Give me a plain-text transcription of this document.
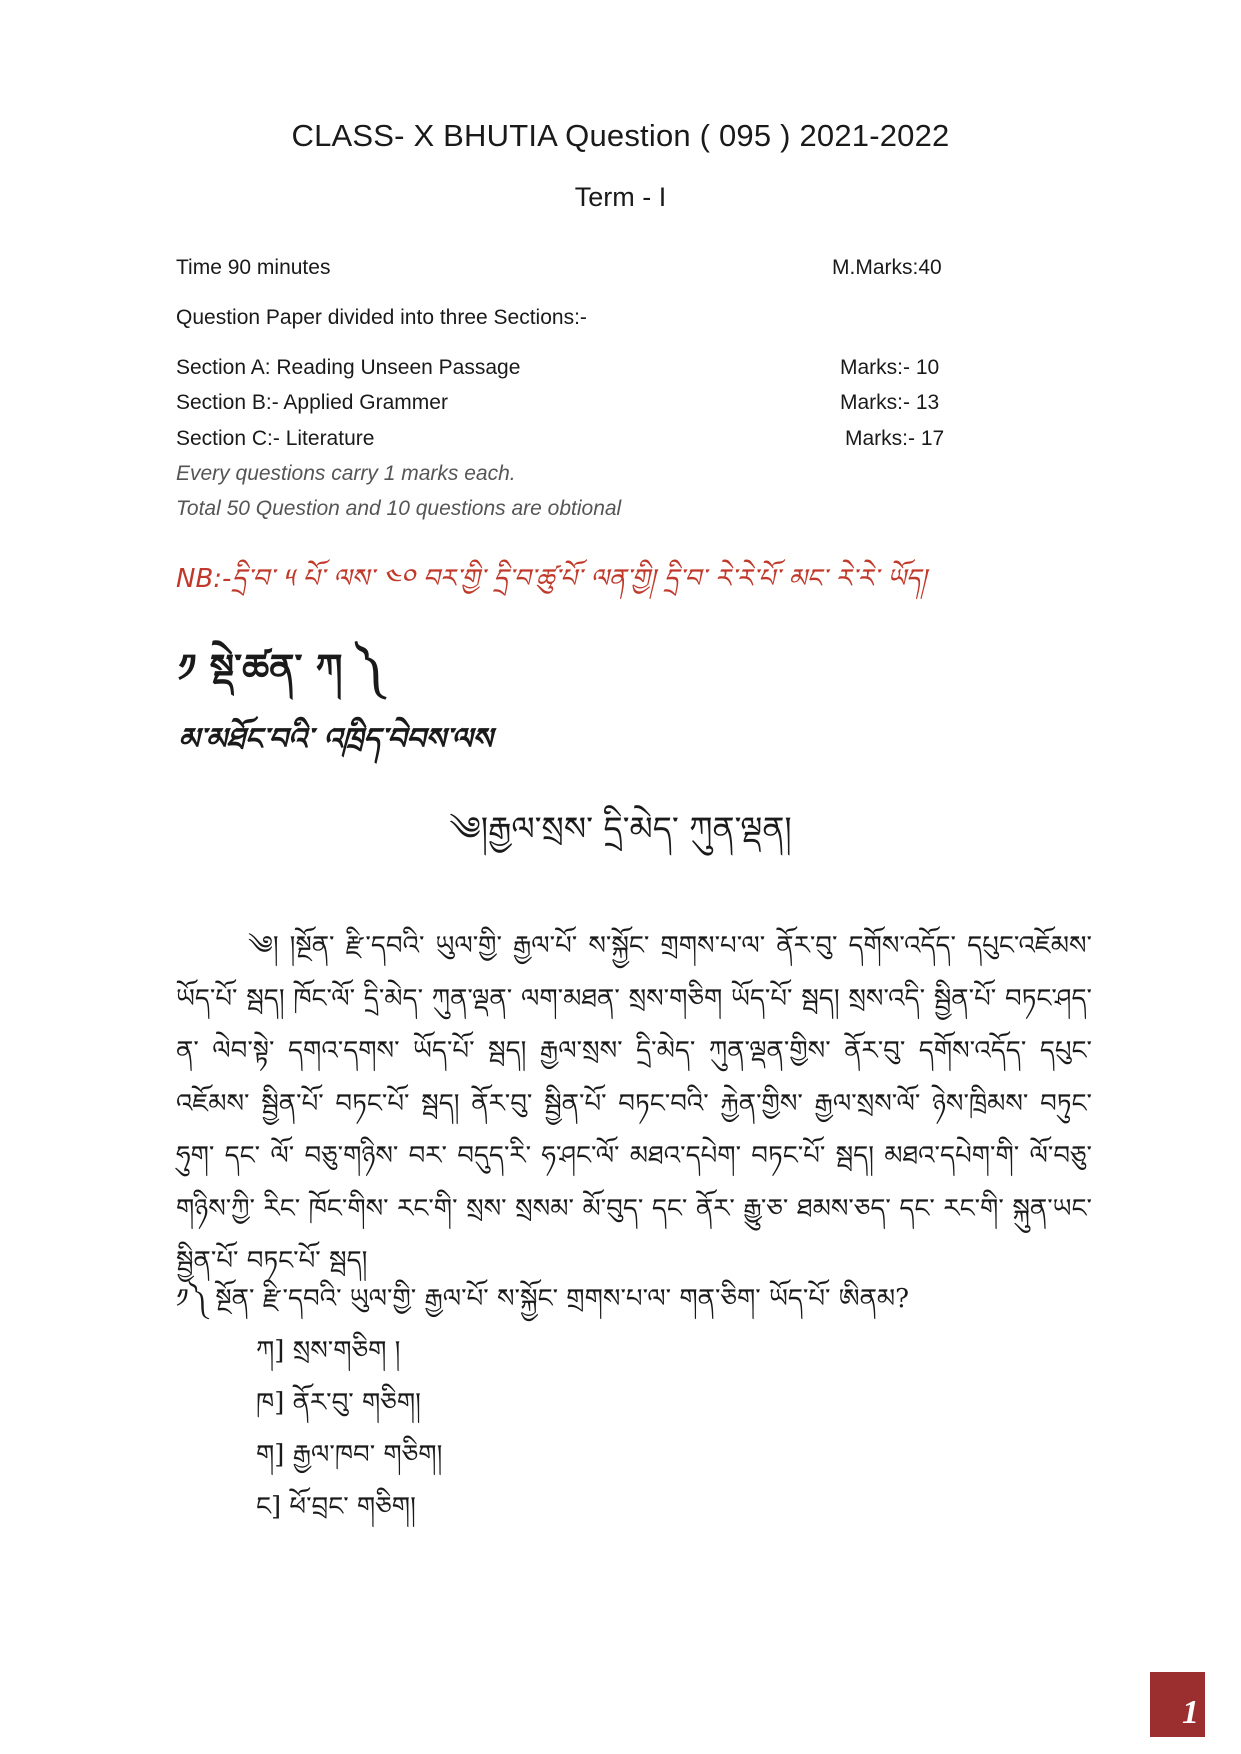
CLASS- X BHUTIA Question ( 095 ) 2021-2022
Term - I
Time 90 minutes	M.Marks:40
Question Paper divided into three Sections:-
Section A: Reading Unseen Passage	Marks:- 10
Section B:- Applied Grammer	Marks:- 13
Section C:- Literature	Marks:- 17
Every questions carry 1 marks each.
Total 50 Question and 10 questions are obtional
NB:-དྲི་བ་ ༥ པོ་ ལས་ ༤༠ བར་གྱི་ དྲི་བ་ཚུ་པོ་ ལན་གྱི། དྲི་བ་ རེ་རེ་པོ་ མང་ རེ་རེ་ ཡོད།
༡ སྡེ་ཚན་ ཀ ༽
མ་མཐོང་བའི་ འཁྲིད་བེབས་ལས
༄།རྒྱལ་སྲས་ དྲི་མེད་ ཀུན་ལྡན།
༄། །སྔོན་ རྫི་དབའི་ ཡུལ་གྱི་ རྒྱལ་པོ་ ས་སྐྱོང་ གྲགས་པ་ལ་ ནོར་བུ་ དགོས་འདོད་ དཔུང་འཇོམས་ ཡོད་པོ་ སྦད། ཁོང་ལོ་ དྲི་མེད་ ཀུན་ལྡན་ ལག་མཐན་ སྲས་གཅིག ཡོད་པོ་ སྦད། སྲས་འདི་ སྦྱིན་པོ་ བཏང་ཤད་ན་ ལེབ་སྟེ་ དགའ་དགས་ ཡོད་པོ་ སྦད། རྒྱལ་སྲས་ དྲི་མེད་ ཀུན་ལྡན་གྱིས་ ནོར་བུ་ དགོས་འདོད་ དཔུང་འཇོམས་ སྦྱིན་པོ་ བཏང་པོ་ སྦད། ནོར་བུ་ སྦྱིན་པོ་ བཏང་བའི་ རྐྱེན་གྱིས་ རྒྱལ་སྲས་ལོ་ ཉེས་ཁྲིམས་ བཏུང་ཧུག་ དང་ ལོ་ བཅུ་གཉིས་ བར་ བདུད་རི་ ཧ་ཤང་ལོ་ མཐའ་དཔེག་ བཏང་པོ་ སྦད། མཐའ་དཔེག་གི་ ལོ་བཅུ་གཉིས་ཀྱི་ རིང་ ཁོང་གིས་ རང་གི་ སྲས་ སྲསམ་ མོ་བུད་ དང་ ནོར་ རྒྱུ་ཅ་ ཐམས་ཅད་ དང་ རང་གི་ སྐུན་ཡང་ སྦྱིན་པོ་ བཏང་པོ་ སྦད།
༡༽ སྔོན་ རྫི་དབའི་ ཡུལ་གྱི་ རྒྱལ་པོ་ ས་སྐྱོང་ གྲགས་པ་ལ་ གན་ཅིག་ ཡོད་པོ་ ཨིནམ?
ཀ] སྲས་གཅིག །
ཁ] ནོར་བུ་ གཅིག།
ག] རྒྱལ་ཁབ་ གཅིག།
ང] ཕོ་བྲང་ གཅིག།
1
